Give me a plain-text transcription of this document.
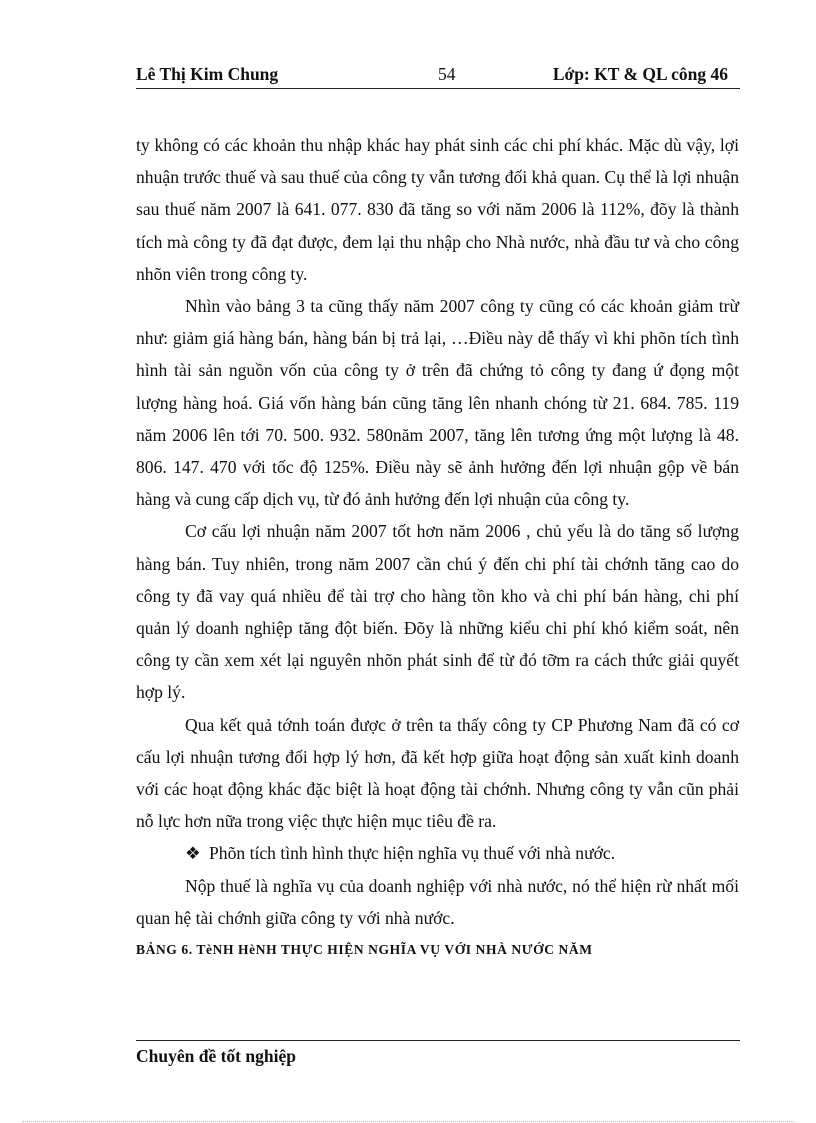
Lê Thị Kim Chung	54	Lớp: KT & QL công 46

ty không có các khoản thu nhập khác hay phát sinh các chi phí khác. Mặc dù vậy, lợi nhuận trước thuế và sau thuế của công ty vẫn tương đối khả quan. Cụ thể là lợi nhuận sau thuế năm 2007 là 641. 077. 830 đã tăng so với năm 2006 là 112%, đõy là thành tích mà công ty đã đạt được, đem lại thu nhập cho Nhà nước, nhà đầu tư và cho công nhõn viên trong công ty.

Nhìn vào bảng 3 ta cũng thấy năm 2007 công ty cũng có các khoản giảm trừ như: giảm giá hàng bán, hàng bán bị trả lại, …Điều này dễ thấy vì khi phõn tích tình hình tài sản nguồn vốn của công ty ở trên đã chứng tỏ công ty đang ứ đọng một lượng hàng hoá. Giá vốn hàng bán cũng tăng lên nhanh chóng từ 21. 684. 785. 119 năm 2006 lên tới 70. 500. 932. 580năm 2007, tăng lên tương ứng một lượng là 48. 806. 147. 470 với tốc độ 125%. Điều này sẽ ảnh hưởng đến lợi nhuận gộp về bán hàng và cung cấp dịch vụ, từ đó ảnh hưởng đến lợi nhuận của công ty.

Cơ cấu lợi nhuận năm 2007 tốt hơn năm 2006 , chủ yếu là do tăng số lượng hàng bán. Tuy nhiên, trong năm 2007 cần chú ý đến chi phí tài chớnh tăng cao do công ty đã vay quá nhiều để tài trợ cho hàng tồn kho và chi phí bán hàng, chi phí quản lý doanh nghiệp tăng đột biến. Đõy là những kiểu chi phí khó kiểm soát, nên công ty cần xem xét lại nguyên nhõn phát sinh để từ đó tỡm ra cách thức giải quyết hợp lý.

Qua kết quả tớnh toán được ở trên ta thấy công ty CP Phương Nam đã có cơ cấu lợi nhuận tương đối hợp lý hơn, đã kết hợp giữa hoạt động sản xuất kinh doanh với các hoạt động khác đặc biệt là hoạt động tài chớnh. Nhưng công ty vẫn cũn phải nỗ lực hơn nữa trong việc thực hiện mục tiêu đề ra.

❖ Phõn tích tình hình thực hiện nghĩa vụ thuế với nhà nước.

Nộp thuế là nghĩa vụ của doanh nghiệp với nhà nước, nó thể hiện rừ nhất mối quan hệ tài chớnh giữa công ty với nhà nước.

BẢNG 6. TèNH HèNH THỰC HIỆN NGHĨA VỤ VỚI NHÀ NƯỚC NĂM

Chuyên đề tốt nghiệp
